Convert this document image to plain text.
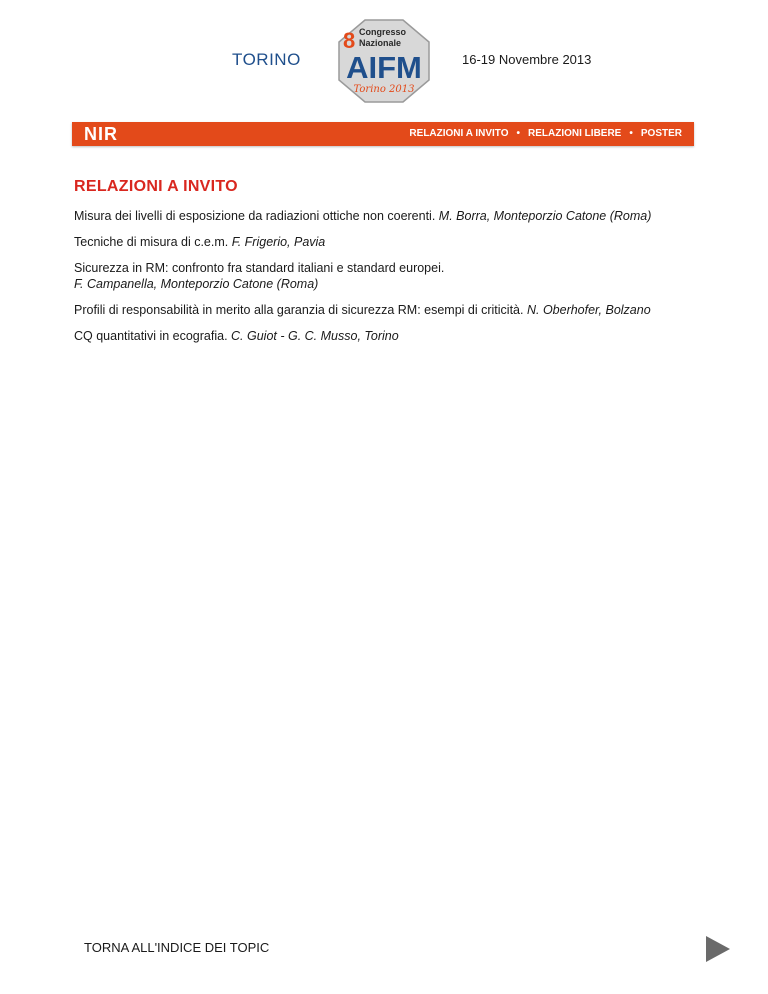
TORINO
8 Congresso
Nazionale
AIFM
Torino 2013
16-19 Novembre 2013
NIR	RELAZIONI A INVITO • RELAZIONI LIBERE • POSTER
RELAZIONI A INVITO
Misura dei livelli di esposizione da radiazioni ottiche non coerenti. M. Borra, Monteporzio Catone (Roma)
Tecniche di misura di c.e.m. F. Frigerio, Pavia
Sicurezza in RM: confronto fra standard italiani e standard europei.
F. Campanella, Monteporzio Catone (Roma)
Profili di responsabilità in merito alla garanzia di sicurezza RM: esempi di criticità. N. Oberhofer, Bolzano
CQ quantitativi in ecografia. C. Guiot - G. C. Musso, Torino
TORNA ALL'INDICE DEI TOPIC
